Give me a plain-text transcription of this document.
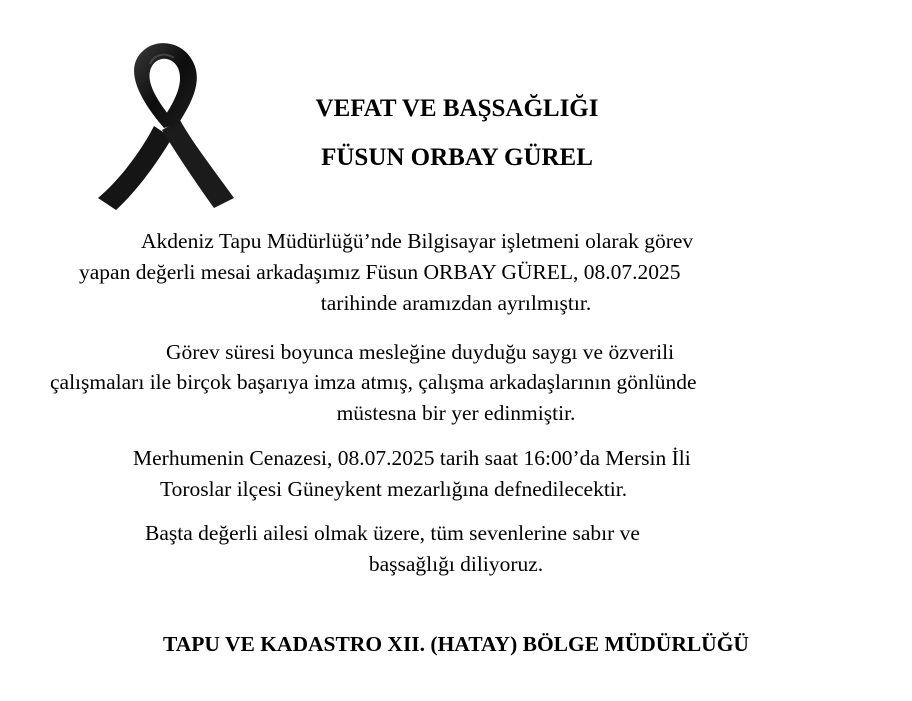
VEFAT VE BAŞSAĞLIĞI
FÜSUN ORBAY GÜREL
Akdeniz Tapu Müdürlüğü’nde Bilgisayar işletmeni olarak görev
yapan değerli mesai arkadaşımız Füsun ORBAY GÜREL, 08.07.2025
tarihinde aramızdan ayrılmıştır.
Görev süresi boyunca mesleğine duyduğu saygı ve özverili
çalışmaları ile birçok başarıya imza atmış, çalışma arkadaşlarının gönlünde
müstesna bir yer edinmiştir.
Merhumenin Cenazesi, 08.07.2025 tarih saat 16:00’da Mersin İli
Toroslar ilçesi Güneykent mezarlığına defnedilecektir.
Başta değerli ailesi olmak üzere, tüm sevenlerine sabır ve
başsağlığı diliyoruz.
TAPU VE KADASTRO XII. (HATAY) BÖLGE MÜDÜRLÜĞÜ
